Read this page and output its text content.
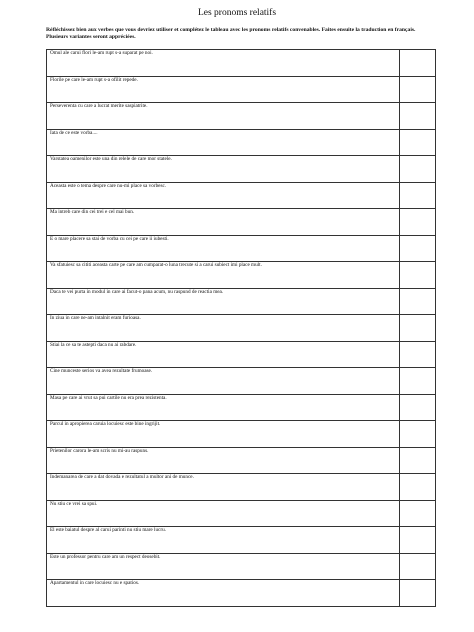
Les pronoms relatifs
Réfléchissez bien aux verbes que vous devriez utiliser et complétez le tableau avec les pronoms relatifs convenables. Faites ensuite la traduction en français. Plusieurs variantes seront appréciées.
Omul ale carui flori le-am rupt s-a suparat pe noi.	
Florile pe care le-am rupt s-a ofilit repede.	
Perseverenta cu care a lucrat merite saspiatrite.	
Iata de ce este vorba....	
Varstatea oamenilor este una din relele de care mor statele.	
Aceasta este o tema despre care nu-mi place sa vorbesc.	
Ma intreb care din cei trei e cel mai bun.	
E o mare placere sa stai de vorba cu cei pe care ii iubesti.	
Va sfatuiesc sa cititi aceasta carte pe care am cumparat-o luna trecute si a carui subiect imi place mult.	
Daca te vei purta in modul in care ai facut-o pana acum, nu raspund de reactia mea.	
In ziua in care ne-am intalnit eram furioasa.	
Stiai la ce sa te astepti daca nu ai rabdare.	
Cine munceste serios va avea rezultate frumoase.	
Masa pe care ai vrut sa pui cartile nu era prea rezistenta.	
Parcul in apropierea caruia locuiesc este bine ingrijit.	
Prietenilor carora le-am scris nu mi-au raspuns.	
Indemanarea de care a dat dovada e rezultatul a multor ani de munce.	
Nu stiu ce vrei sa spui.	
El este baiatul despre al carui parinti nu stiu mare lucru.	
Este un professor pentru care am un respect deosebit.	
Apartamentul in care locuiesc nu e spatios.	
